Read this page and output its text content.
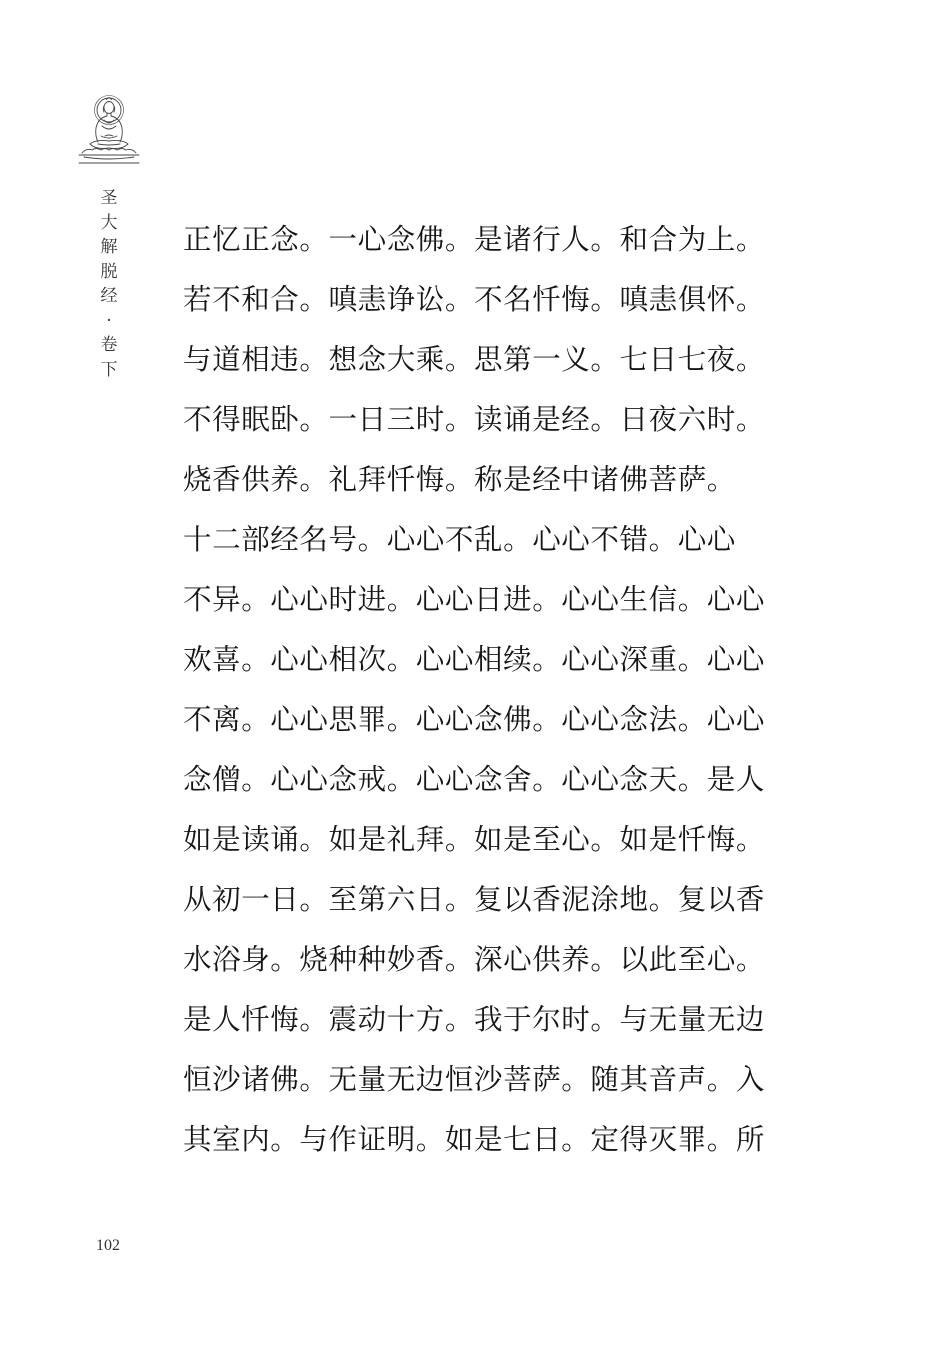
圣
大
解
脱
经
·
卷
下
正忆正念。一心念佛。是诸行人。和合为上。
若不和合。嗔恚诤讼。不名忏悔。嗔恚俱怀。
与道相违。想念大乘。思第一义。七日七夜。
不得眠卧。一日三时。读诵是经。日夜六时。
烧香供养。礼拜忏悔。称是经中诸佛菩萨。
十二部经名号。心心不乱。心心不错。心心
不异。心心时进。心心日进。心心生信。心心
欢喜。心心相次。心心相续。心心深重。心心
不离。心心思罪。心心念佛。心心念法。心心
念僧。心心念戒。心心念舍。心心念天。是人
如是读诵。如是礼拜。如是至心。如是忏悔。
从初一日。至第六日。复以香泥涂地。复以香
水浴身。烧种种妙香。深心供养。以此至心。
是人忏悔。震动十方。我于尔时。与无量无边
恒沙诸佛。无量无边恒沙菩萨。随其音声。入
其室内。与作证明。如是七日。定得灭罪。所
102
